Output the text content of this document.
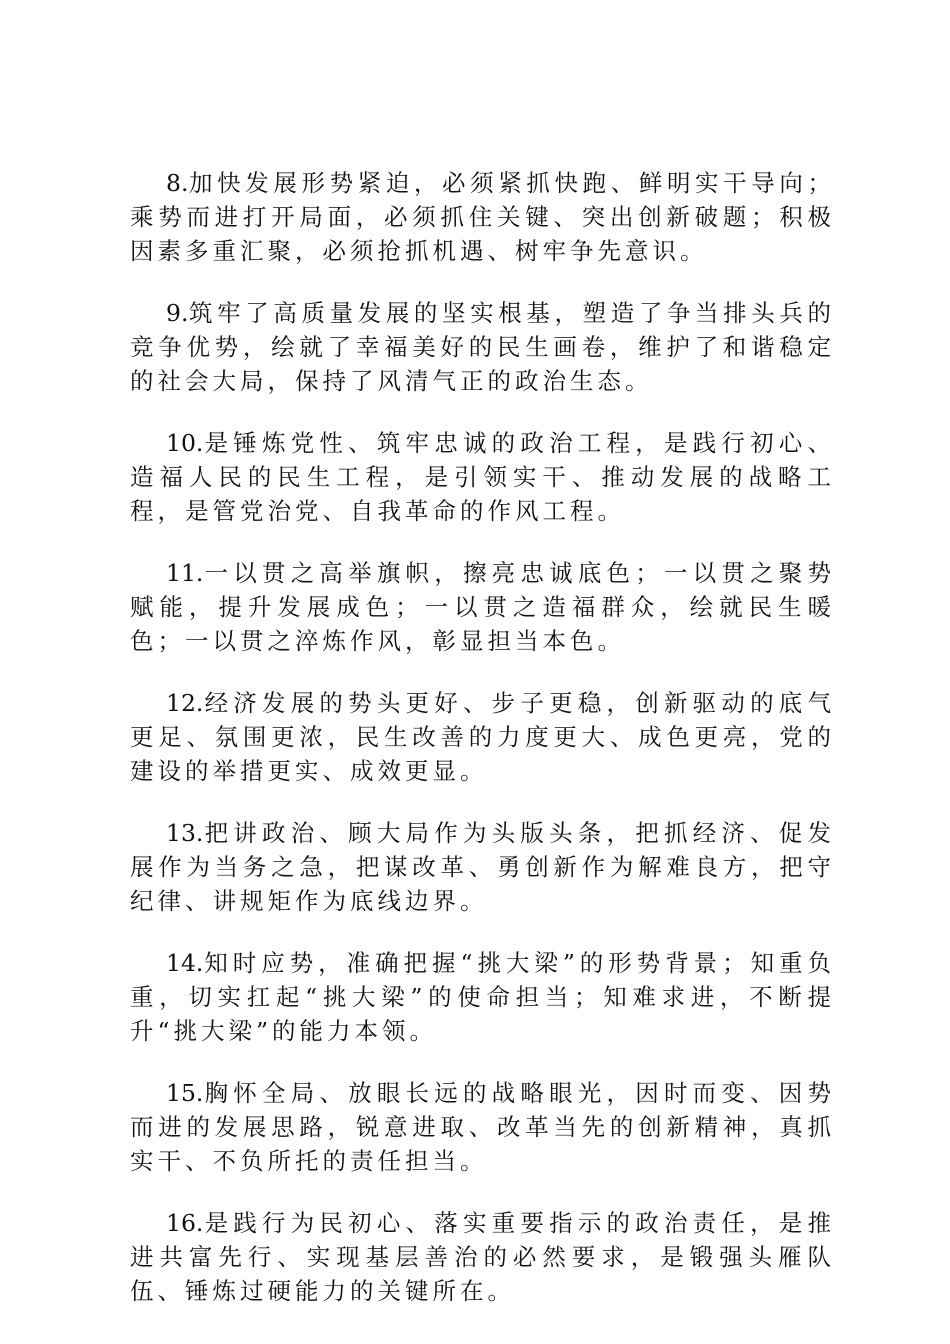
8.加快发展形势紧迫，必须紧抓快跑、鲜明实干导向；乘势而进打开局面，必须抓住关键、突出创新破题；积极因素多重汇聚，必须抢抓机遇、树牢争先意识。

9.筑牢了高质量发展的坚实根基，塑造了争当排头兵的竞争优势，绘就了幸福美好的民生画卷，维护了和谐稳定的社会大局，保持了风清气正的政治生态。

10.是锤炼党性、筑牢忠诚的政治工程，是践行初心、造福人民的民生工程，是引领实干、推动发展的战略工程，是管党治党、自我革命的作风工程。

11.一以贯之高举旗帜，擦亮忠诚底色；一以贯之聚势赋能，提升发展成色；一以贯之造福群众，绘就民生暖色；一以贯之淬炼作风，彰显担当本色。

12.经济发展的势头更好、步子更稳，创新驱动的底气更足、氛围更浓，民生改善的力度更大、成色更亮，党的建设的举措更实、成效更显。

13.把讲政治、顾大局作为头版头条，把抓经济、促发展作为当务之急，把谋改革、勇创新作为解难良方，把守纪律、讲规矩作为底线边界。

14.知时应势，准确把握“挑大梁”的形势背景；知重负重，切实扛起“挑大梁”的使命担当；知难求进，不断提升“挑大梁”的能力本领。

15.胸怀全局、放眼长远的战略眼光，因时而变、因势而进的发展思路，锐意进取、改革当先的创新精神，真抓实干、不负所托的责任担当。

16.是践行为民初心、落实重要指示的政治责任，是推进共富先行、实现基层善治的必然要求，是锻强头雁队伍、锤炼过硬能力的关键所在。
